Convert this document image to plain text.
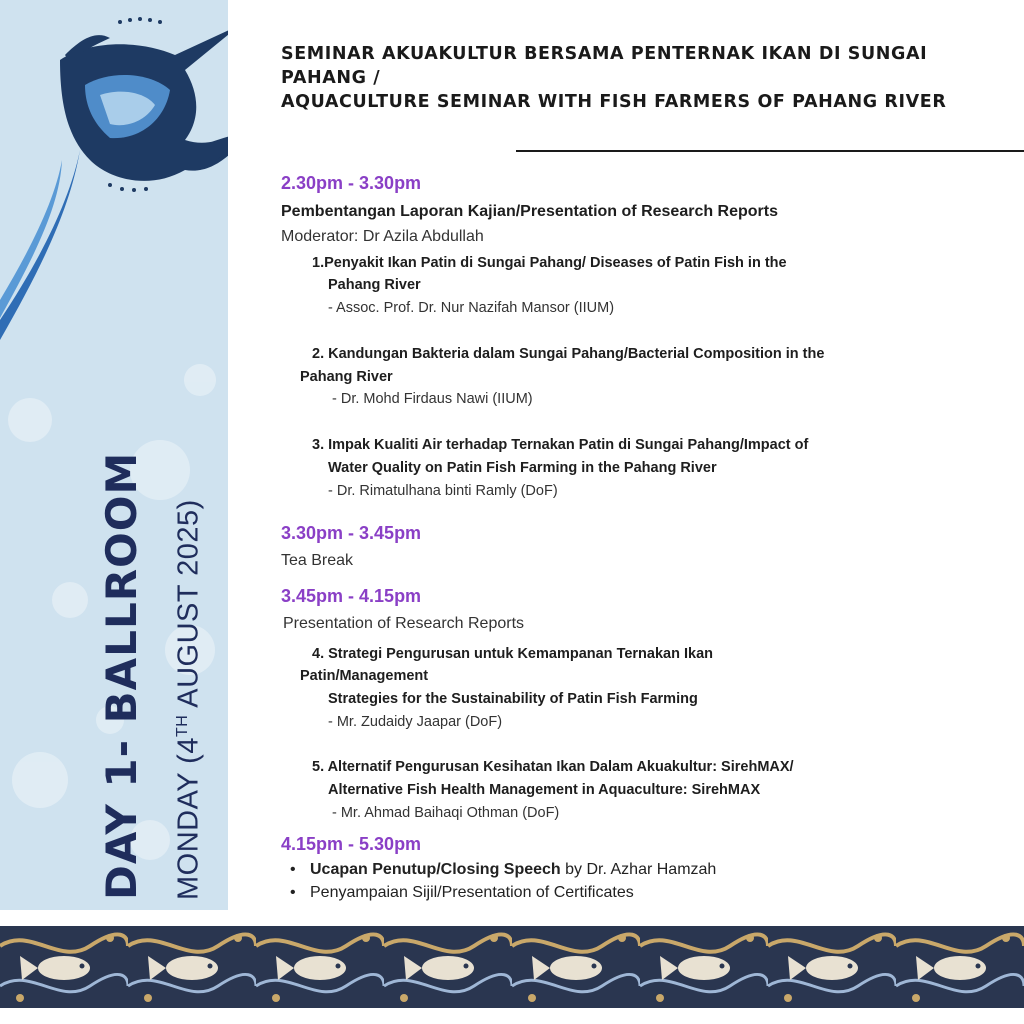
DAY 1- BALLROOM MONDAY (4TH AUGUST 2025)
SEMINAR AKUAKULTUR BERSAMA PENTERNAK IKAN DI SUNGAI
PAHANG /
AQUACULTURE SEMINAR WITH FISH FARMERS OF PAHANG RIVER
2.30pm - 3.30pm
Pembentangan Laporan Kajian/Presentation of Research Reports
Moderator: Dr Azila Abdullah
1.Penyakit Ikan Patin di Sungai Pahang/ Diseases of Patin Fish in the
Pahang River
- Assoc. Prof. Dr. Nur Nazifah Mansor (IIUM)
2. Kandungan Bakteria dalam Sungai Pahang/Bacterial Composition in the
Pahang River
- Dr. Mohd Firdaus Nawi (IIUM)
3. Impak Kualiti Air terhadap Ternakan Patin di Sungai Pahang/Impact of
Water Quality on Patin Fish Farming in the Pahang River
- Dr. Rimatulhana binti Ramly (DoF)
3.30pm - 3.45pm
Tea Break
3.45pm - 4.15pm
Presentation of Research Reports
4. Strategi Pengurusan untuk Kemampanan Ternakan Ikan
Patin/Management
Strategies for the Sustainability of Patin Fish Farming
- Mr. Zudaidy Jaapar (DoF)
5. Alternatif Pengurusan Kesihatan Ikan Dalam Akuakultur: SirehMAX/
Alternative Fish Health Management in Aquaculture: SirehMAX
- Mr. Ahmad Baihaqi Othman (DoF)
4.15pm - 5.30pm
• Ucapan Penutup/Closing Speech by Dr. Azhar Hamzah
• Penyampaian Sijil/Presentation of Certificates
